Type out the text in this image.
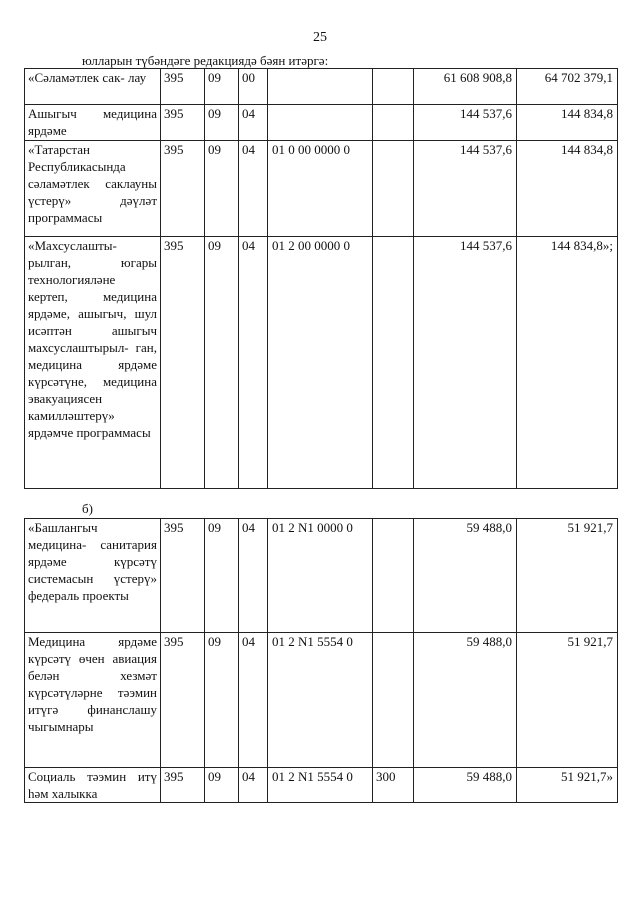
25
юлларын түбәндәге редакциядә бәян итәргә:
«Сәламәтлек сак- лау	395	09	00			61 608 908,8	64 702 379,1
Ашыгыч медицина ярдәме	395	09	04			144 537,6	144 834,8
«Татарстан Республикасында сәламәтлек саклауны үстерү» дәүләт программасы	395	09	04	01 0 00 0000 0		144 537,6	144 834,8
«Махсуслашты- рылган, югары технологияләне кертеп, медицина ярдәме, ашыгыч, шул исәптән ашыгыч махсуслаштырыл- ган, медицина ярдәме күрсәтүне, медицина эвакуациясен камилләштерү» ярдәмче программасы	395	09	04	01 2 00 0000 0		144 537,6	144 834,8»;
б)
«Башлангыч медицина- санитария ярдәме күрсәтү системасын үстерү» федераль проекты	395	09	04	01 2 N1 0000 0		59 488,0	51 921,7
Медицина ярдәме күрсәтү өчен авиация белән хезмәт күрсәтүләрне тәэмин итүгә финанслашу чыгымнары	395	09	04	01 2 N1 5554 0		59 488,0	51 921,7
Социаль тәэмин итү һәм халыкка	395	09	04	01 2 N1 5554 0	300	59 488,0	51 921,7»
